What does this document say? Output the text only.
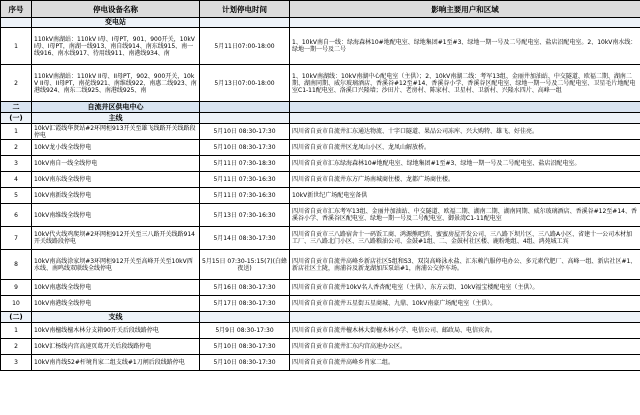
序号	停电设备名称	计划停电时间	影响主要用户和区域
	变电站		
1	110kV南湖站：110kV I母、I母PT，901、900开关，10kV I母、I母PT，南湖一线913、南自线914、南东线915、南一线916、南水线917、待用线911、南港线934、南	5月11日07:00-18:00	1、10kV南自一线：绿海森林10#地配电室、绿地集团#1至#3、绿地一期一号及二号配电室、盐店沼配电室。2、10kV南水线：绿地一期一号及二号
2	110kV南湖站：110kV II母、II母PT，902、900开关，10kV II母、II母PT，南花线921、南维线922、南惠二线923、南港线924、南东二线925、南港线925、南	5月13日07:00-18:00	1、10kV南湖线：10kV南湖中心配电室（主供）；2、10kV南湖二线：考军13组、金丽井加油站、中交隧道、欧福二期、湖南二期、湖南同期、威尔玻璃酒店、香溪谷#12至#14、香溪谷小学、香溪谷区配电室、绿地一期一号及二号配电室、卫星毛片地配电室C1-11配电室、洛溪口兴隆墙；沙田片、老房村、陈家村、卫星村、卫新村、兴隆水四片、高峰一组
二	自流井区供电中心		
(一)	主线		
1	10kV汇霞线华贤站#2环网柜913开关至雄飞线路开关线路段停电	5月10日 08:30-17:30	四川省自贡市自流井汇东通达物流、十字口隧道、果品公司冻库、兴大购特、雄飞、好佳亮。
2	10kV龙小线全线停电	5月10日 08:30-17:30	四川省自贡市自流井区龙凤山小区、龙凤山解放桥。
3	10kV南自一线全线停电	5月11日 07:30-18:30	四川省自贡市汇东绿海森林10#地配电室、绿地集团#1至#3、绿地一期一号及二号配电室、盐店沼配电室。
4	10kV南东线全线停电	5月11日 07:30-16:30	四川省自贡市自流井东方广场南城商住楼、龙都广场商住楼。
5	10kV南新线全线停电	5月11日 07:30-16:30	10kV新世纪广场配电室备供
6	10kV南维线全线停电	5月13日 07:30-16:30	四川省自贡市汇东考军13组、金丽井加油站、中交隧道、欧福二期、湖南二期、湖南同期、威尔玻璃酒店、香溪谷#12至#14、香溪谷小学、香溪谷区配电室、绿地一期一号及二号配电室、御景湾C1-11配电室
7	10kV代火线鸡爬坝#2环网柜912开关至三八路开关线路914开关线路段停电	5月14日 08:30-17:30	四川省自贡市三八路宿舍十一码饭工商、鸿源熊吧滨、蜜蜜房屋开发公司、三八路下坝片区、三八路A小区、省建十一公司木材加工厂、三八路北门小区、三八路粮油公司、金鼓#1组、二、金鼓村社区楼、鹿粉地组、4组、鸿苑城工宾
8	10kV南高线涂家坝#3环网柜912开关至高峰开关至10kV西水线、南鸣线双联线全线停电	5月15日 07:30-15:15(7)(白蜂夜送)	四川省自贡市自流井高峰乡新店社区5组和S3、双岗高峰泳永盐、汇东赖汽服停电办公、多元素代肥厂、高峰一组、新店社区#1、新店社区土陇，南浦谷及新龙湖加压泵站#1，南浦公交停车场。
9	10kV南惠线全线停电	5月16日 08:30-17:30	四川省自贡市自流井10kV名人香杏配电室（主供）、东方云街、10kV福宝楼配电室（主供）。
10	10kV南港线全线停电	5月17日 08:30-17:30	四川省自贡市自流井五星街五星商城、九鼎、10kV南豪广场配电室（主供）。
(二)	支线		
1	10kV南檀线檀木林分支箱90开关后段线路停电	5月9日 08:30-17:30	四川省自贡市自流井檀木林大街檀木林小学、电信公司、邮政局、电信宾舍。
2	10kV汇杨线内宫高速页葛开关后段线路停电	5月10日 08:30-17:30	四川省自贡市自流井汇东内宫高速办公区。
3	10kV南肖线52#杆境肖家二组支线#1刀闸后段线路停电	5月10日 08:30-17:30	四川省自贡市自流井高峰乡肖家二组。
